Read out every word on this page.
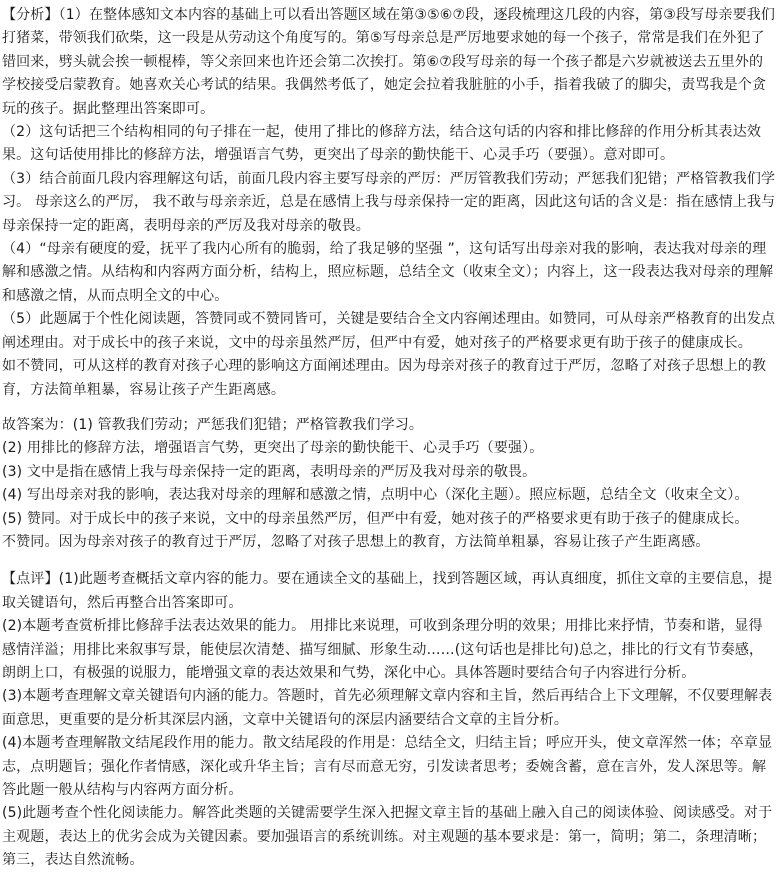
【分析】（1）在整体感知文本内容的基础上可以看出答题区域在第③⑤⑥⑦段，逐段梳理这几段的内容，第③段写母亲要我们打猪菜，带领我们砍柴，这一段是从劳动这个角度写的。第⑤写母亲总是严厉地要求她的每一个孩子，常常是我们在外犯了错回来，劈头就会挨一顿棍棒，等父亲回来也许还会第二次挨打。第⑥⑦段写母亲的每一个孩子都是六岁就被送去五里外的学校接受启蒙教育。她喜欢关心考试的结果。我偶然考低了，她定会拉着我脏脏的小手，指着我破了的脚尖，责骂我是个贪玩的孩子。据此整理出答案即可。

（2）这句话把三个结构相同的句子排在一起，使用了排比的修辞方法，结合这句话的内容和排比修辞的作用分析其表达效果。这句话使用排比的修辞方法，增强语言气势，更突出了母亲的勤快能干、心灵手巧（要强）。意对即可。

（3）结合前面几段内容理解这句话，前面几段内容主要写母亲的严厉：严厉管教我们劳动；严惩我们犯错；严格管教我们学习。 母亲这么的严厉， 我不敢与母亲亲近，总是在感情上我与母亲保持一定的距离，因此这句话的含义是：指在感情上我与母亲保持一定的距离，表明母亲的严厉及我对母亲的敬畏。

（4）“母亲有硬度的爱，抚平了我内心所有的脆弱，给了我足够的坚强 ”，这句话写出母亲对我的影响，表达我对母亲的理解和感激之情。从结构和内容两方面分析，结构上，照应标题，总结全文（收束全文）；内容上，这一段表达我对母亲的理解和感激之情，从而点明全文的中心。

（5）此题属于个性化阅读题，答赞同或不赞同皆可，关键是要结合全文内容阐述理由。如赞同，可从母亲严格教育的出发点阐述理由。对于成长中的孩子来说，文中的母亲虽然严厉，但严中有爱，她对孩子的严格要求更有助于孩子的健康成长。

如不赞同，可从这样的教育对孩子心理的影响这方面阐述理由。因为母亲对孩子的教育过于严厉，忽略了对孩子思想上的教育，方法简单粗暴，容易让孩子产生距离感。

故答案为：(1) 管教我们劳动；严惩我们犯错；严格管教我们学习。

(2) 用排比的修辞方法，增强语言气势，更突出了母亲的勤快能干、心灵手巧（要强）。

(3) 文中是指在感情上我与母亲保持一定的距离，表明母亲的严厉及我对母亲的敬畏。

(4) 写出母亲对我的影响，表达我对母亲的理解和感激之情，点明中心（深化主题）。照应标题，总结全文（收束全文）。

(5) 赞同。对于成长中的孩子来说，文中的母亲虽然严厉，但严中有爱，她对孩子的严格要求更有助于孩子的健康成长。

不赞同。因为母亲对孩子的教育过于严厉，忽略了对孩子思想上的教育，方法简单粗暴，容易让孩子产生距离感。

【点评】(1)此题考查概括文章内容的能力。要在通读全文的基础上，找到答题区域，再认真细度，抓住文章的主要信息，提取关键语句，然后再整合出答案即可。

(2)本题考查赏析排比修辞手法表达效果的能力。 用排比来说理，可收到条理分明的效果；用排比来抒情，节奏和谐，显得感情洋溢；用排比来叙事写景，能使层次清楚、描写细腻、形象生动……(这句话也是排比句)总之，排比的行文有节奏感，朗朗上口，有极强的说服力，能增强文章的表达效果和气势，深化中心。具体答题时要结合句子内容进行分析。

(3)本题考查理解文章关键语句内涵的能力。答题时，首先必须理解文章内容和主旨，然后再结合上下文理解，不仅要理解表面意思，更重要的是分析其深层内涵，文章中关键语句的深层内涵要结合文章的主旨分析。

(4)本题考查理解散文结尾段作用的能力。散文结尾段的作用是：总结全文，归结主旨；呼应开头，使文章浑然一体；卒章显志，点明题旨；强化作者情感，深化或升华主旨；言有尽而意无穷，引发读者思考；委婉含蓄，意在言外，发人深思等。解答此题一般从结构与内容两方面分析。

(5)此题考查个性化阅读能力。解答此类题的关键需要学生深入把握文章主旨的基础上融入自己的阅读体验、阅读感受。对于主观题，表达上的优劣会成为关键因素。要加强语言的系统训练。对主观题的基本要求是：第一，简明；第二，条理清晰；第三，表达自然流畅。
